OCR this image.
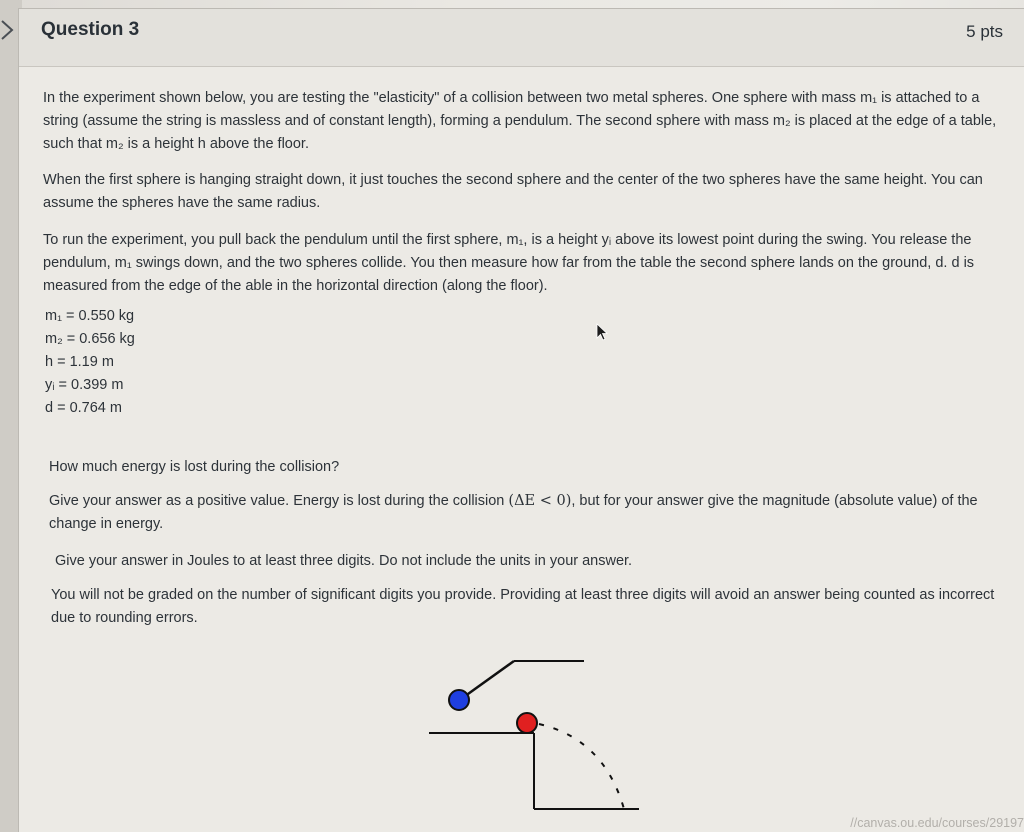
Question 3	5 pts
In the experiment shown below, you are testing the "elasticity" of a collision between two metal spheres. One sphere with mass m₁ is attached to a string (assume the string is massless and of constant length), forming a pendulum. The second sphere with mass m₂ is placed at the edge of a table, such that m₂ is a height h above the floor.
When the first sphere is hanging straight down, it just touches the second sphere and the center of the two spheres have the same height. You can assume the spheres have the same radius.
To run the experiment, you pull back the pendulum until the first sphere, m₁, is a height yᵢ above its lowest point during the swing. You release the pendulum, m₁ swings down, and the two spheres collide. You then measure how far from the table the second sphere lands on the ground, d. d is measured from the edge of the able in the horizontal direction (along the floor).
m₁ = 0.550 kg
m₂ = 0.656 kg
h = 1.19 m
yᵢ = 0.399 m
d = 0.764 m
How much energy is lost during the collision?
Give your answer as a positive value. Energy is lost during the collision (ΔE < 0), but for your answer give the magnitude (absolute value) of the change in energy.
Give your answer in Joules to at least three digits. Do not include the units in your answer.
You will not be graded on the number of significant digits you provide. Providing at least three digits will avoid an answer being counted as incorrect due to rounding errors.
//canvas.ou.edu/courses/29197
